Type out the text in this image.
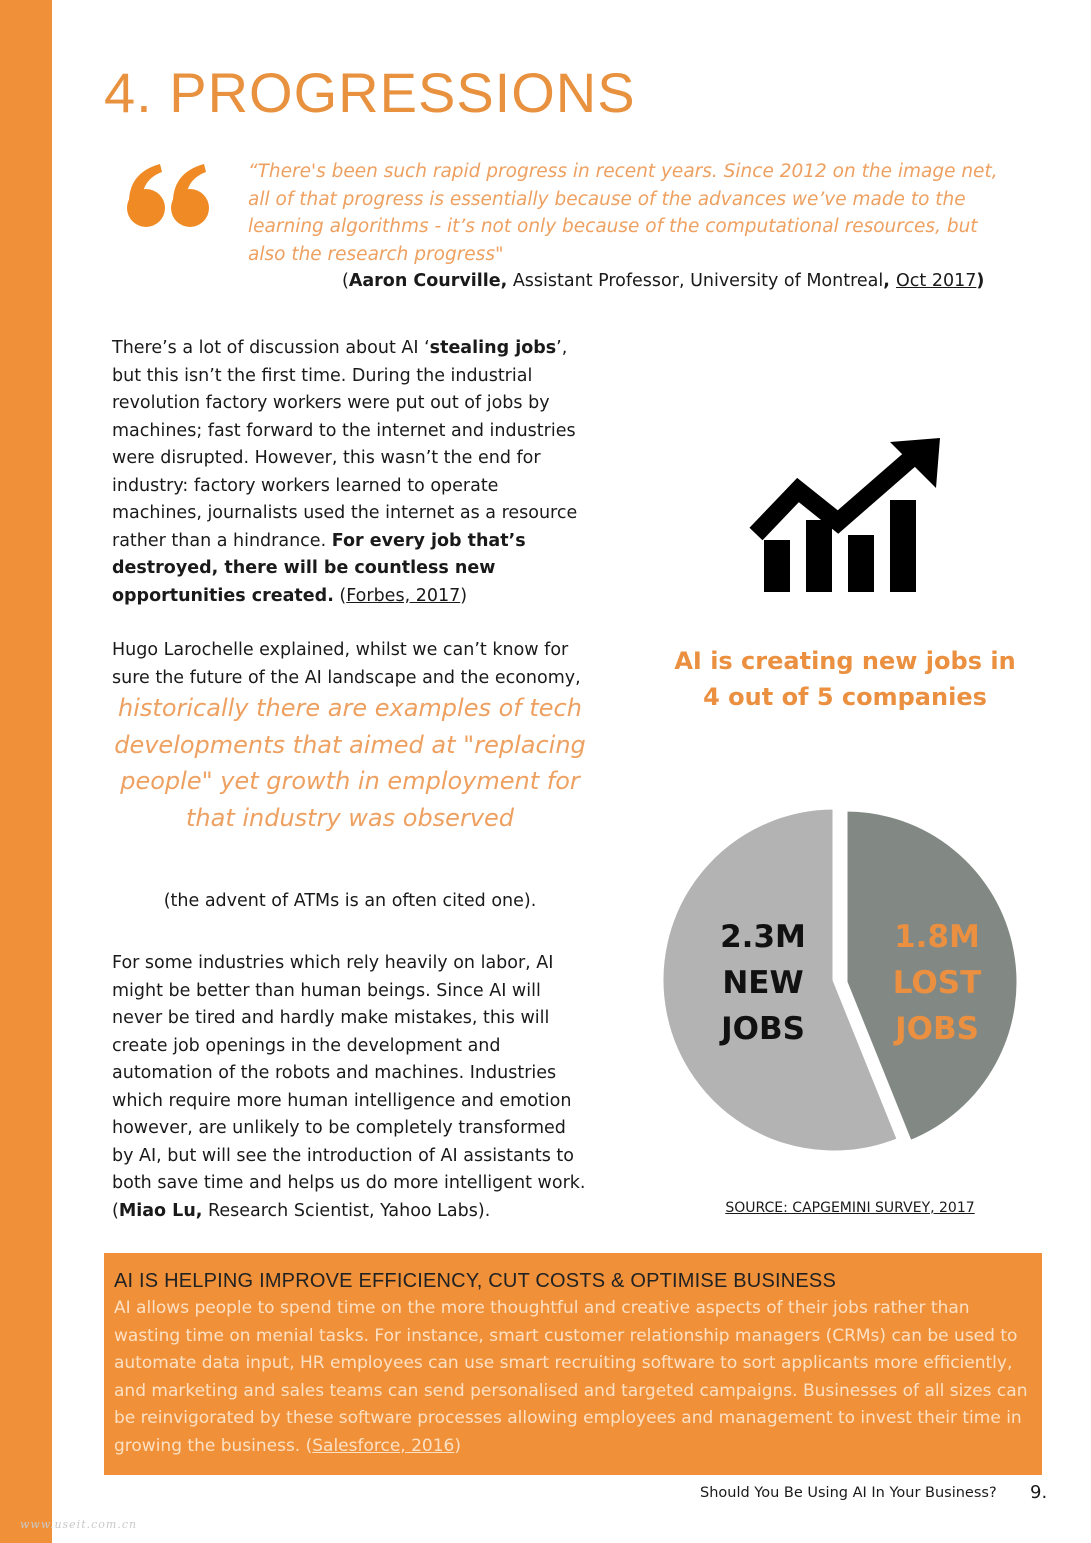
4. PROGRESSIONS

“There's been such rapid progress in recent years. Since 2012 on the image net, all of that progress is essentially because of the advances we’ve made to the learning algorithms - it’s not only because of the computational resources, but also the research progress"

(Aaron Courville, Assistant Professor, University of Montreal, Oct 2017)

There’s a lot of discussion about AI ‘stealing jobs’, but this isn’t the first time. During the industrial revolution factory workers were put out of jobs by machines; fast forward to the internet and industries were disrupted. However, this wasn’t the end for industry: factory workers learned to operate machines, journalists used the internet as a resource rather than a hindrance. For every job that’s destroyed, there will be countless new opportunities created. (Forbes, 2017)

Hugo Larochelle explained, whilst we can’t know for sure the future of the AI landscape and the economy,

historically there are examples of tech developments that aimed at "replacing people" yet growth in employment for that industry was observed

(the advent of ATMs is an often cited one).

For some industries which rely heavily on labor, AI might be better than human beings. Since AI will never be tired and hardly make mistakes, this will create job openings in the development and automation of the robots and machines. Industries which require more human intelligence and emotion however, are unlikely to be completely transformed by AI, but will see the introduction of AI assistants to both save time and helps us do more intelligent work. (Miao Lu, Research Scientist, Yahoo Labs).

AI is creating new jobs in
4 out of 5 companies

1.8M LOST JOBS
2.3M NEW JOBS

SOURCE: CAPGEMINI SURVEY, 2017

AI IS HELPING IMPROVE EFFICIENCY, CUT COSTS & OPTIMISE BUSINESS

AI allows people to spend time on the more thoughtful and creative aspects of their jobs rather than wasting time on menial tasks. For instance, smart customer relationship managers (CRMs) can be used to automate data input, HR employees can use smart recruiting software to sort applicants more efficiently, and marketing and sales teams can send personalised and targeted campaigns. Businesses of all sizes can be reinvigorated by these software processes allowing employees and management to invest their time in growing the business. (Salesforce, 2016)

Should You Be Using AI In Your Business? 9.

www.useit.com.cn
